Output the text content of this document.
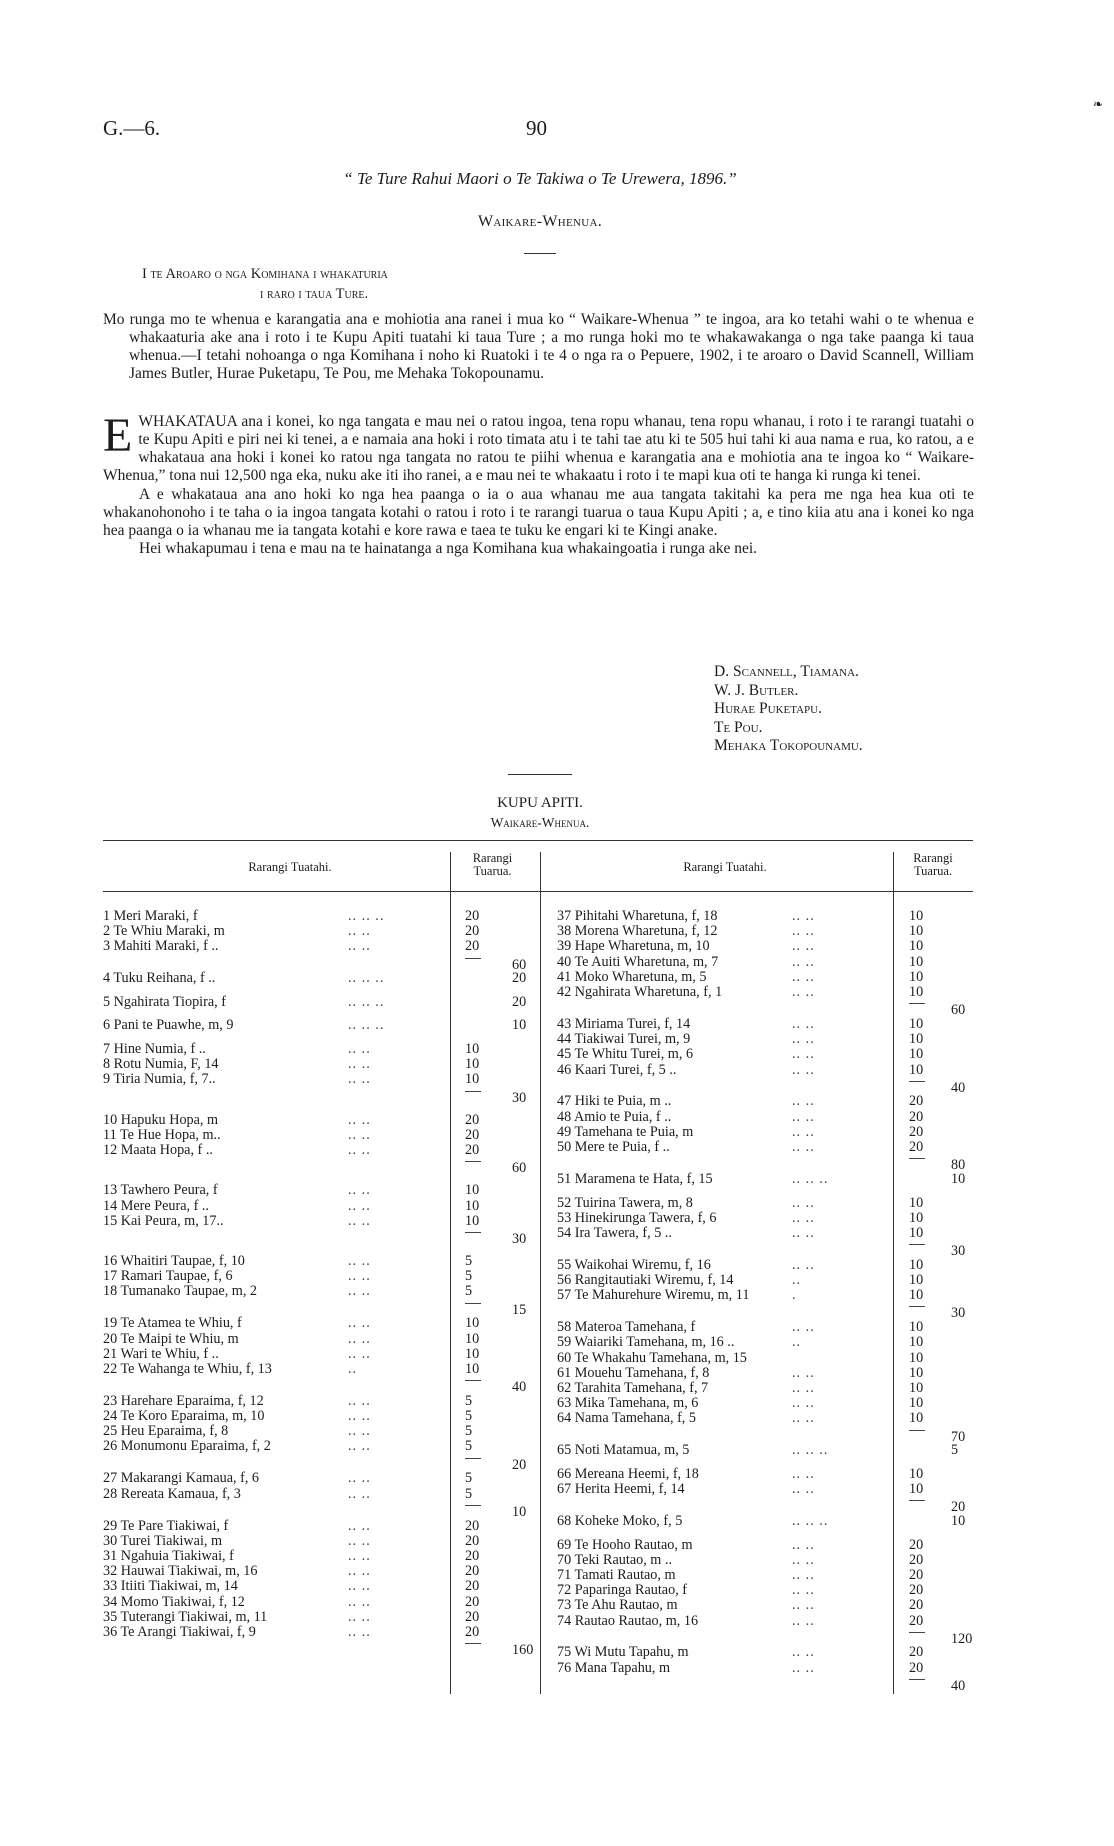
G.—6.	90
❧
“ Te Ture Rahui Maori o Te Takiwa o Te Urewera, 1896.”
Waikare-Whenua.
I te Aroaro o nga Komihana i whakaturia
i raro i taua Ture.

Mo runga mo te whenua e karangatia ana e mohiotia ana ranei i mua ko “ Waikare-Whenua ” te ingoa, ara ko tetahi wahi o te whenua e whakaaturia ake ana i roto i te Kupu Apiti tuatahi ki taua Ture ; a mo runga hoki mo te whakawakanga o nga take paanga ki taua whenua.—I tetahi nohoanga o nga Komihana i noho ki Ruatoki i te 4 o nga ra o Pepuere, 1902, i te aroaro o David Scannell, William James Butler, Hurae Puketapu, Te Pou, me Mehaka Tokopounamu.

EWHAKATAUA ana i konei, ko nga tangata e mau nei o ratou ingoa, tena ropu whanau, tena ropu whanau, i roto i te rarangi tuatahi o te Kupu Apiti e piri nei ki tenei, a e namaia ana hoki i roto timata atu i te tahi tae atu ki te 505 hui tahi ki aua nama e rua, ko ratou, a e whakataua ana hoki i konei ko ratou nga tangata no ratou te piihi whenua e karangatia ana e mohiotia ana te ingoa ko “ Waikare-Whenua,” tona nui 12,500 nga eka, nuku ake iti iho ranei, a e mau nei te whakaatu i roto i te mapi kua oti te hanga ki runga ki tenei.

A e whakataua ana ano hoki ko nga hea paanga o ia o aua whanau me aua tangata takitahi ka pera me nga hea kua oti te whakanohonoho i te taha o ia ingoa tangata kotahi o ratou i roto i te rarangi tuarua o taua Kupu Apiti ; a, e tino kiia atu ana i konei ko nga hea paanga o ia whanau me ia tangata kotahi e kore rawa e taea te tuku ke engari ki te Kingi anake.

Hei whakapumau i tena e mau na te hainatanga a nga Komihana kua whakaingoatia i runga ake nei.

D. Scannell, Tiamana.
W. J. Butler.
Hurae Puketapu.
Te Pou.
Mehaka Tokopounamu.
KUPU APITI.
Waikare-Whenua.
Rarangi Tuatahi.
Rarangi
Tuarua.	Rarangi Tuatahi.
Rarangi
Tuarua.
1 Meri Maraki, f	.. .. ..	20
2 Te Whiu Maraki, m	.. ..	20
3 Mahiti Maraki, f ..	.. ..	20
60
4 Tuku Reihana, f ..	.. .. ..	20
5 Ngahirata Tiopira, f	.. .. ..	20
6 Pani te Puawhe, m, 9	.. .. ..	10
7 Hine Numia, f ..	.. ..	10
8 Rotu Numia, F, 14	.. ..	10
9 Tiria Numia, f, 7..	.. ..	10
30
10 Hapuku Hopa, m	.. ..	20
11 Te Hue Hopa, m..	.. ..	20
12 Maata Hopa, f ..	.. ..	20
60
13 Tawhero Peura, f	.. ..	10
14 Mere Peura, f ..	.. ..	10
15 Kai Peura, m, 17..	.. ..	10
30
16 Whaitiri Taupae, f, 10	.. ..	5
17 Ramari Taupae, f, 6	.. ..	5
18 Tumanako Taupae, m, 2	.. ..	5
15
19 Te Atamea te Whiu, f	.. ..	10
20 Te Maipi te Whiu, m	.. ..	10
21 Wari te Whiu, f ..	.. ..	10
22 Te Wahanga te Whiu, f, 13	..	10
40
23 Harehare Eparaima, f, 12	.. ..	5
24 Te Koro Eparaima, m, 10	.. ..	5
25 Heu Eparaima, f, 8	.. ..	5
26 Monumonu Eparaima, f, 2	.. ..	5
20
27 Makarangi Kamaua, f, 6	.. ..	5
28 Rereata Kamaua, f, 3	.. ..	5
10
29 Te Pare Tiakiwai, f	.. ..	20
30 Turei Tiakiwai, m	.. ..	20
31 Ngahuia Tiakiwai, f	.. ..	20
32 Hauwai Tiakiwai, m, 16	.. ..	20
33 Itiiti Tiakiwai, m, 14	.. ..	20
34 Momo Tiakiwai, f, 12	.. ..	20
35 Tuterangi Tiakiwai, m, 11	.. ..	20
36 Te Arangi Tiakiwai, f, 9	.. ..	20
160
37 Pihitahi Wharetuna, f, 18	.. ..	10
38 Morena Wharetuna, f, 12	.. ..	10
39 Hape Wharetuna, m, 10	.. ..	10
40 Te Auiti Wharetuna, m, 7	.. ..	10
41 Moko Wharetuna, m, 5	.. ..	10
42 Ngahirata Wharetuna, f, 1	.. ..	10
60
43 Miriama Turei, f, 14	.. ..	10
44 Tiakiwai Turei, m, 9	.. ..	10
45 Te Whitu Turei, m, 6	.. ..	10
46 Kaari Turei, f, 5 ..	.. ..	10
40
47 Hiki te Puia, m ..	.. ..	20
48 Amio te Puia, f ..	.. ..	20
49 Tamehana te Puia, m	.. ..	20
50 Mere te Puia, f ..	.. ..	20
80
51 Maramena te Hata, f, 15	.. .. ..	10
52 Tuirina Tawera, m, 8	.. ..	10
53 Hinekirunga Tawera, f, 6	.. ..	10
54 Ira Tawera, f, 5 ..	.. ..	10
30
55 Waikohai Wiremu, f, 16	.. ..	10
56 Rangitautiaki Wiremu, f, 14	..	10
57 Te Mahurehure Wiremu, m, 11	.	10
30
58 Materoa Tamehana, f	.. ..	10
59 Waiariki Tamehana, m, 16 ..	..	10
60 Te Whakahu Tamehana, m, 15	10
61 Mouehu Tamehana, f, 8	.. ..	10
62 Tarahita Tamehana, f, 7	.. ..	10
63 Mika Tamehana, m, 6	.. ..	10
64 Nama Tamehana, f, 5	.. ..	10
70
65 Noti Matamua, m, 5	.. .. ..	5
66 Mereana Heemi, f, 18	.. ..	10
67 Herita Heemi, f, 14	.. ..	10
20
68 Koheke Moko, f, 5	.. .. ..	10
69 Te Hooho Rautao, m	.. ..	20
70 Teki Rautao, m ..	.. ..	20
71 Tamati Rautao, m	.. ..	20
72 Paparinga Rautao, f	.. ..	20
73 Te Ahu Rautao, m	.. ..	20
74 Rautao Rautao, m, 16	.. ..	20
120
75 Wi Mutu Tapahu, m	.. ..	20
76 Mana Tapahu, m	.. ..	20
40
